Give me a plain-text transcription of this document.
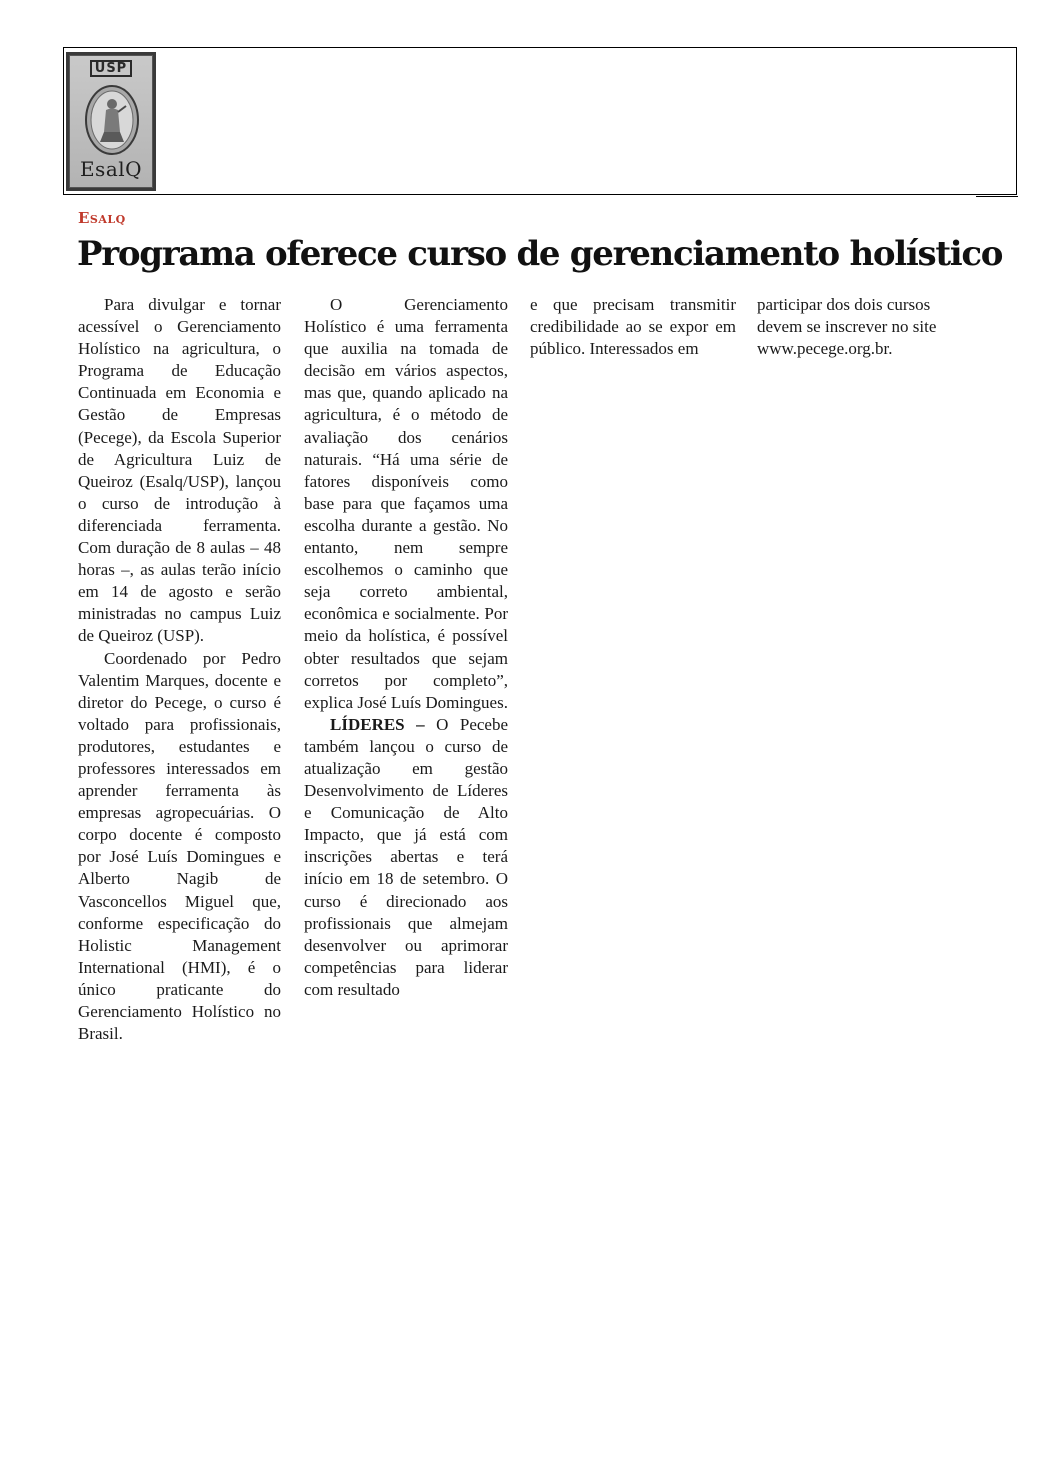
USP
EsalQ
Esalq
Programa oferece curso de gerenciamento holístico

Para divulgar e tornar acessível o Gerenciamento Holístico na agricultura, o Programa de Educação Continuada em Economia e Gestão de Empresas (Pecege), da Escola Superior de Agricultura Luiz de Queiroz (Esalq/USP), lançou o curso de introdução à diferenciada ferramenta. Com duração de 8 aulas – 48 horas –, as aulas terão início em 14 de agosto e serão ministradas no campus Luiz de Queiroz (USP).

Coordenado por Pedro Valentim Marques, docente e diretor do Pecege, o curso é voltado para profissionais, produtores, estudantes e professores interessados em aprender ferramenta às empresas agropecuárias. O corpo docente é composto por José Luís Domingues e Alberto Nagib de Vasconcellos Miguel que, conforme especificação do Holistic Management International (HMI), é o único praticante do Gerenciamento Holístico no Brasil.

O Gerenciamento Holístico é uma ferramenta que auxilia na tomada de decisão em vários aspectos, mas que, quando aplicado na agricultura, é o método de avaliação dos cenários naturais. “Há uma série de fatores disponíveis como base para que façamos uma escolha durante a gestão. No entanto, nem sempre escolhemos o caminho que seja correto ambiental, econômica e socialmente. Por meio da holística, é possível obter resultados que sejam corretos por completo”, explica José Luís Domingues.

LÍDERES – O Pecebe também lançou o curso de atualização em gestão Desenvolvimento de Líderes e Comunicação de Alto Impacto, que já está com inscrições abertas e terá início em 18 de setembro. O curso é direcionado aos profissionais que almejam desenvolver ou aprimorar competências para liderar com resultado

e que precisam transmitir credibilidade ao se expor em público. Interessados em

participar dos dois cursos devem se inscrever no site www.pecege.org.br.
